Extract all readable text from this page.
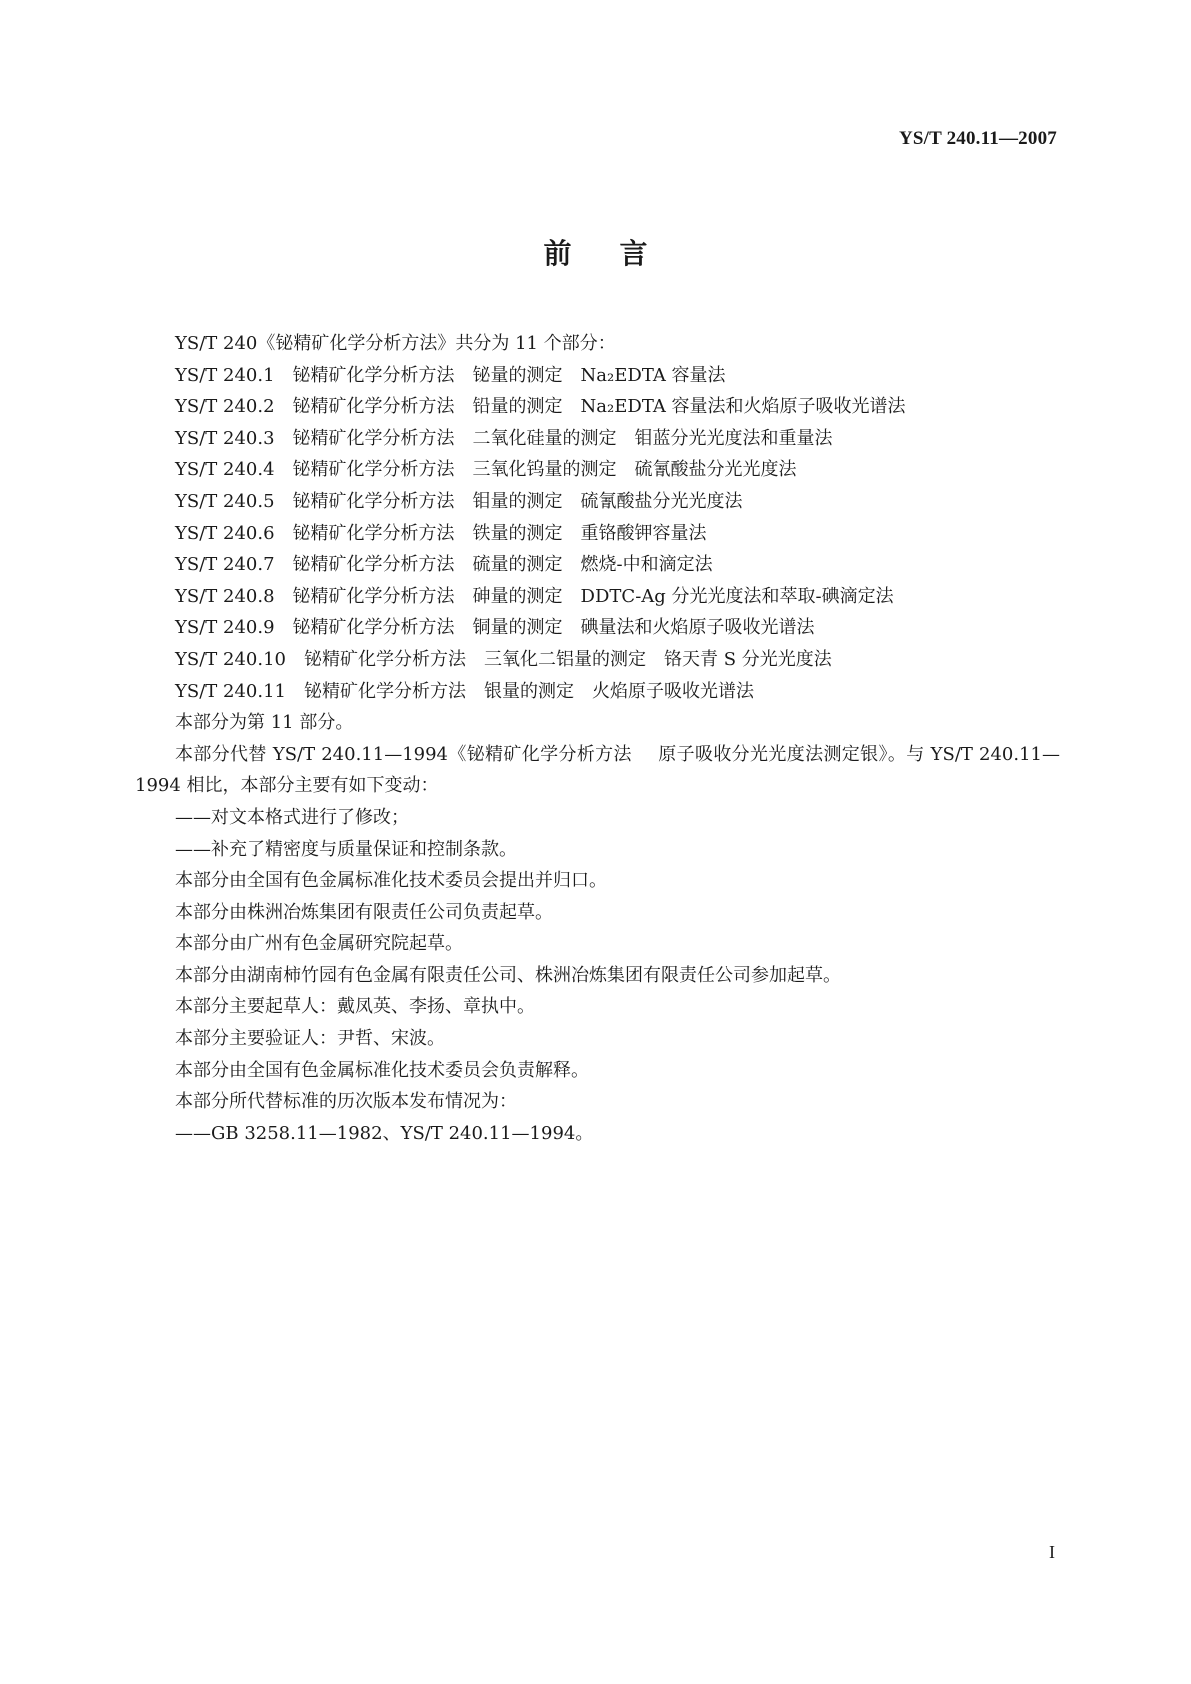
YS/T 240.11—2007
前言
YS/T 240《铋精矿化学分析方法》共分为 11 个部分：
YS/T 240.1 铋精矿化学分析方法 铋量的测定 Na₂EDTA 容量法
YS/T 240.2 铋精矿化学分析方法 铅量的测定 Na₂EDTA 容量法和火焰原子吸收光谱法
YS/T 240.3 铋精矿化学分析方法 二氧化硅量的测定 钼蓝分光光度法和重量法
YS/T 240.4 铋精矿化学分析方法 三氧化钨量的测定 硫氰酸盐分光光度法
YS/T 240.5 铋精矿化学分析方法 钼量的测定 硫氰酸盐分光光度法
YS/T 240.6 铋精矿化学分析方法 铁量的测定 重铬酸钾容量法
YS/T 240.7 铋精矿化学分析方法 硫量的测定 燃烧-中和滴定法
YS/T 240.8 铋精矿化学分析方法 砷量的测定 DDTC-Ag 分光光度法和萃取-碘滴定法
YS/T 240.9 铋精矿化学分析方法 铜量的测定 碘量法和火焰原子吸收光谱法
YS/T 240.10 铋精矿化学分析方法 三氧化二铝量的测定 铬天青 S 分光光度法
YS/T 240.11 铋精矿化学分析方法 银量的测定 火焰原子吸收光谱法
本部分为第 11 部分。
本部分代替 YS/T 240.11—1994《铋精矿化学分析方法 原子吸收分光光度法测定银》。与 YS/T 240.11—1994 相比，本部分主要有如下变动：
——对文本格式进行了修改；
——补充了精密度与质量保证和控制条款。
本部分由全国有色金属标准化技术委员会提出并归口。
本部分由株洲冶炼集团有限责任公司负责起草。
本部分由广州有色金属研究院起草。
本部分由湖南柿竹园有色金属有限责任公司、株洲冶炼集团有限责任公司参加起草。
本部分主要起草人：戴凤英、李扬、章执中。
本部分主要验证人：尹哲、宋波。
本部分由全国有色金属标准化技术委员会负责解释。
本部分所代替标准的历次版本发布情况为：
——GB 3258.11—1982、YS/T 240.11—1994。
I
